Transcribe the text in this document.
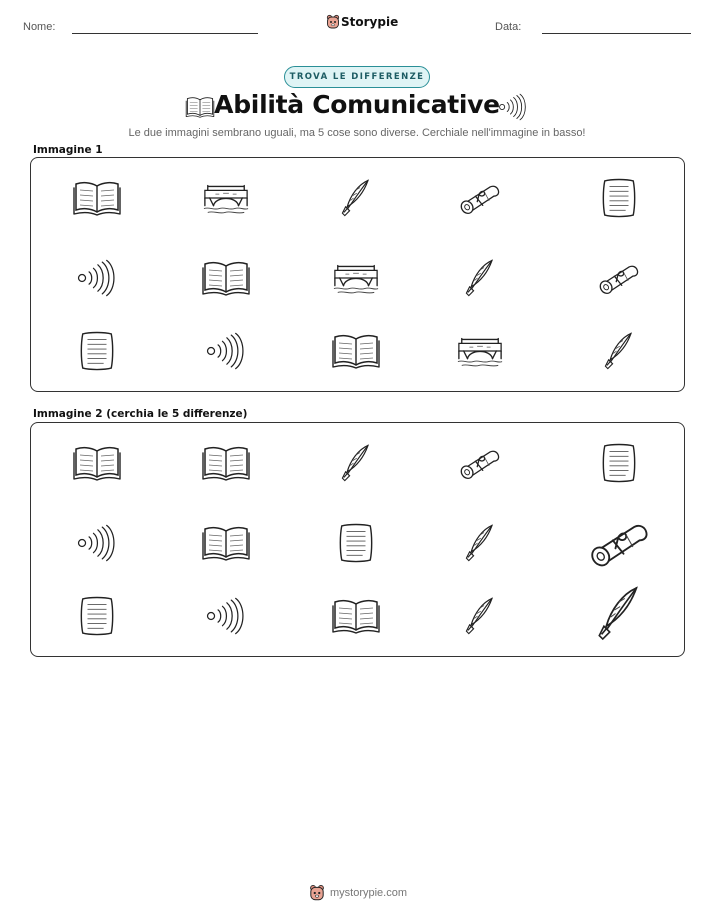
Nome:	Storypie	Data:
TROVA LE DIFFERENZE
Abilità Comunicative
Le due immagini sembrano uguali, ma 5 cose sono diverse. Cerchiale nell'immagine in basso!
Immagine 1
Immagine 2 (cerchia le 5 differenze)
mystorypie.com
